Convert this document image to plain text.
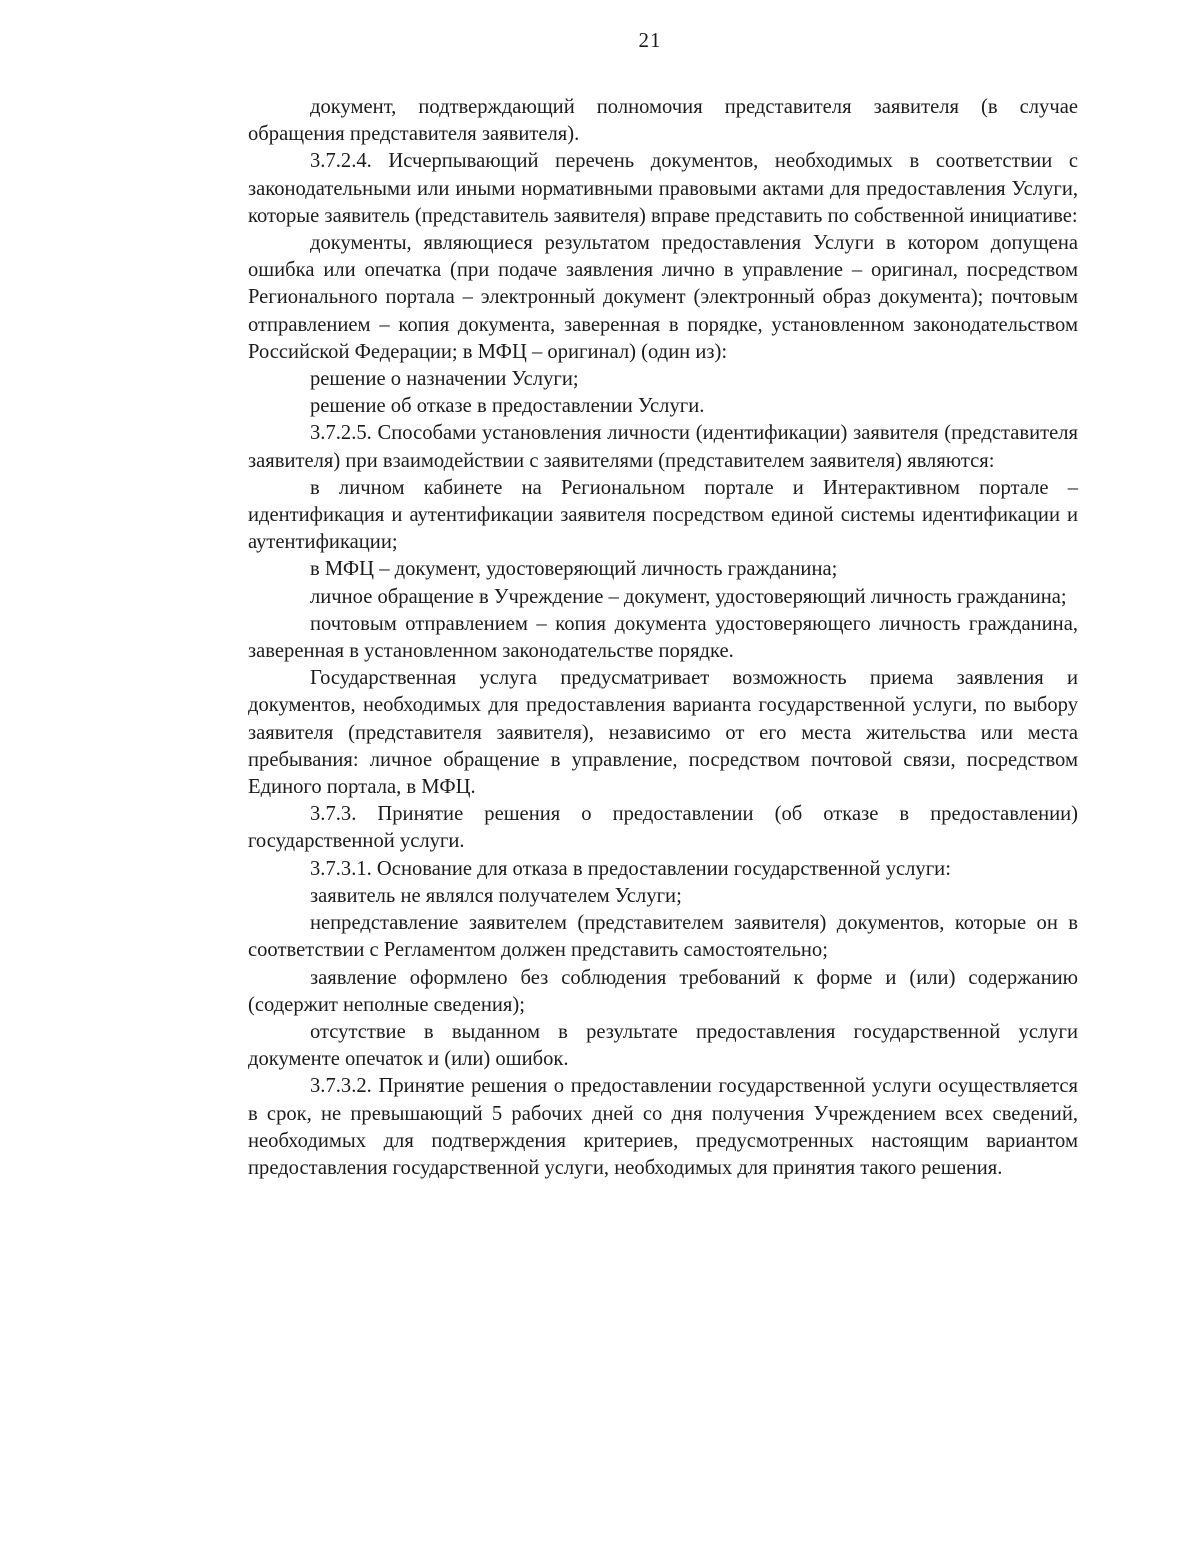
21

документ, подтверждающий полномочия представителя заявителя (в случае обращения представителя заявителя).

3.7.2.4. Исчерпывающий перечень документов, необходимых в соответствии с законодательными или иными нормативными правовыми актами для предоставления Услуги, которые заявитель (представитель заявителя) вправе представить по собственной инициативе:

документы, являющиеся результатом предоставления Услуги в котором допущена ошибка или опечатка (при подаче заявления лично в управление – оригинал, посредством Регионального портала – электронный документ (электронный образ документа); почтовым отправлением – копия документа, заверенная в порядке, установленном законодательством Российской Федерации; в МФЦ – оригинал) (один из):

решение о назначении Услуги;

решение об отказе в предоставлении Услуги.

3.7.2.5. Способами установления личности (идентификации) заявителя (представителя заявителя) при взаимодействии с заявителями (представителем заявителя) являются:

в личном кабинете на Региональном портале и Интерактивном портале – идентификация и аутентификации заявителя посредством единой системы идентификации и аутентификации;

в МФЦ – документ, удостоверяющий личность гражданина;

личное обращение в Учреждение – документ, удостоверяющий личность гражданина;

почтовым отправлением – копия документа удостоверяющего личность гражданина, заверенная в установленном законодательстве порядке.

Государственная услуга предусматривает возможность приема заявления и документов, необходимых для предоставления варианта государственной услуги, по выбору заявителя (представителя заявителя), независимо от его места жительства или места пребывания: личное обращение в управление, посредством почтовой связи, посредством Единого портала, в МФЦ.

3.7.3. Принятие решения о предоставлении (об отказе в предоставлении) государственной услуги.

3.7.3.1. Основание для отказа в предоставлении государственной услуги:

заявитель не являлся получателем Услуги;

непредставление заявителем (представителем заявителя) документов, которые он в соответствии с Регламентом должен представить самостоятельно;

заявление оформлено без соблюдения требований к форме и (или) содержанию (содержит неполные сведения);

отсутствие в выданном в результате предоставления государственной услуги документе опечаток и (или) ошибок.

3.7.3.2. Принятие решения о предоставлении государственной услуги осуществляется в срок, не превышающий 5 рабочих дней со дня получения Учреждением всех сведений, необходимых для подтверждения критериев, предусмотренных настоящим вариантом предоставления государственной услуги, необходимых для принятия такого решения.
